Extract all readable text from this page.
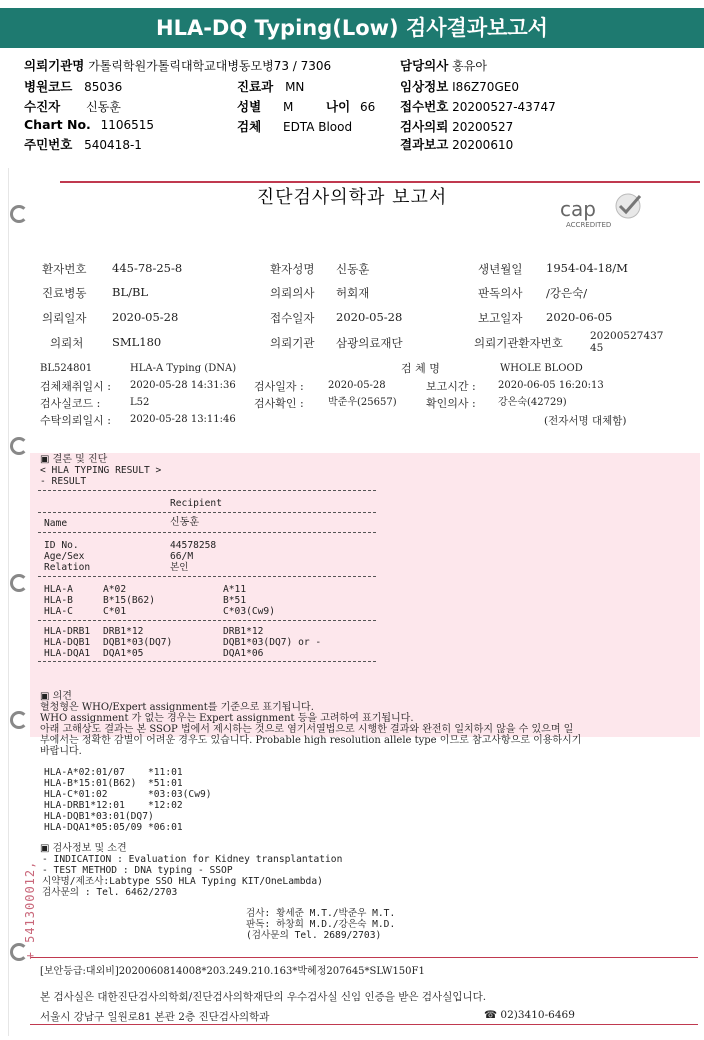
HLA-DQ Typing(Low) 검사결과보고서
의뢰기관명 가톨릭학원가톨릭대학교대병동모병73 / 7306	담당의사 홍유아
병원코드 85036	진료과 MN	임상정보 I86Z70GE0
수진자 신동훈	성별 M	나이 66 접수번호 20200527-43747
Chart No. 1106515	검체 EDTA Blood	검사의뢰 20200527
주민번호 540418-1	결과보고 20200610
진단검사의학과 보고서	cap
ACCREDITED
환자번호 445-78-25-8	환자성명 신동훈	생년월일 1954-04-18/M
진료병동 BL/BL	의뢰의사 허회재	판독의사 /강은숙/
의뢰일자 2020-05-28	접수일자 2020-05-28	보고일자 2020-06-05
의뢰처 SML180	의뢰기관 삼광의료재단	의뢰기관환자번호	2020052743745
BL524801	HLA-A Typing (DNA)	검 체 명	WHOLE BLOOD
검체채취일시 : 2020-05-28 14:31:36 검사일자 : 2020-05-28	보고시간 : 2020-06-05 16:20:13
검사실코드 :	L52	검사확인 : 박준우(25657)	확인의사 : 강은숙(42729)
수탁의뢰일시 : 2020-05-28 13:11:46	(전자서명 대체함)
▣ 결론 및 진단
< HLA TYPING RESULT >
- RESULT
Recipient
Name	신동훈
ID No.	44578258
Age/Sex	66/M
Relation	본인
HLA-A	A*02	A*11
HLA-B	B*15(B62)	B*51
HLA-C	C*01	C*03(Cw9)
HLA-DRB1 DRB1*12	DRB1*12
HLA-DQB1 DQB1*03(DQ7)	DQB1*03(DQ7) or -
HLA-DQA1 DQA1*05	DQA1*06
▣ 의견
혈청형은 WHO/Expert assignment를 기준으로 표기됩니다.
WHO assignment 가 없는 경우는 Expert assignment 등을 고려하여 표기됩니다.
아래 고해상도 결과는 본 SSOP 법에서 제시하는 것으로 염기서열법으로 시행한 결과와 완전히 일치하지 않을 수 있으며 일
부에서는 정확한 감별이 어려운 경우도 있습니다. Probable high resolution allele type 이므로 참고사항으로 이용하시기
바랍니다.
HLA-A*02:01/07 *11:01
HLA-B*15:01(B62) *51:01
HLA-C*01:02	*03:03(Cw9)
HLA-DRB1*12:01 *12:02
HLA-DQB1*03:01(DQ7)
HLA-DQA1*05:05/09 *06:01
▣ 검사정보 및 소견
- INDICATION : Evaluation for Kidney transplantation
- TEST METHOD : DNA typing - SSOP
시약명/제조사:Labtype SSO HLA Typing KIT/OneLambda)
검사문의 : Tel. 6462/2703
검사: 황세준 M.T./박준우 M.T.
판독: 하창희 M.D./강은숙 M.D.
(검사문의 Tel. 2689/2703)
+ 541300012,
[보안등급:대외비]2020060814008*203.249.210.163*박혜정207645*SLW150F1
본 검사실은 대한진단검사의학회/진단검사의학재단의 우수검사실 신임 인증을 받은 검사실입니다.
서울시 강남구 일원로81 본관 2층 진단검사의학과	☎ 02)3410-6469
